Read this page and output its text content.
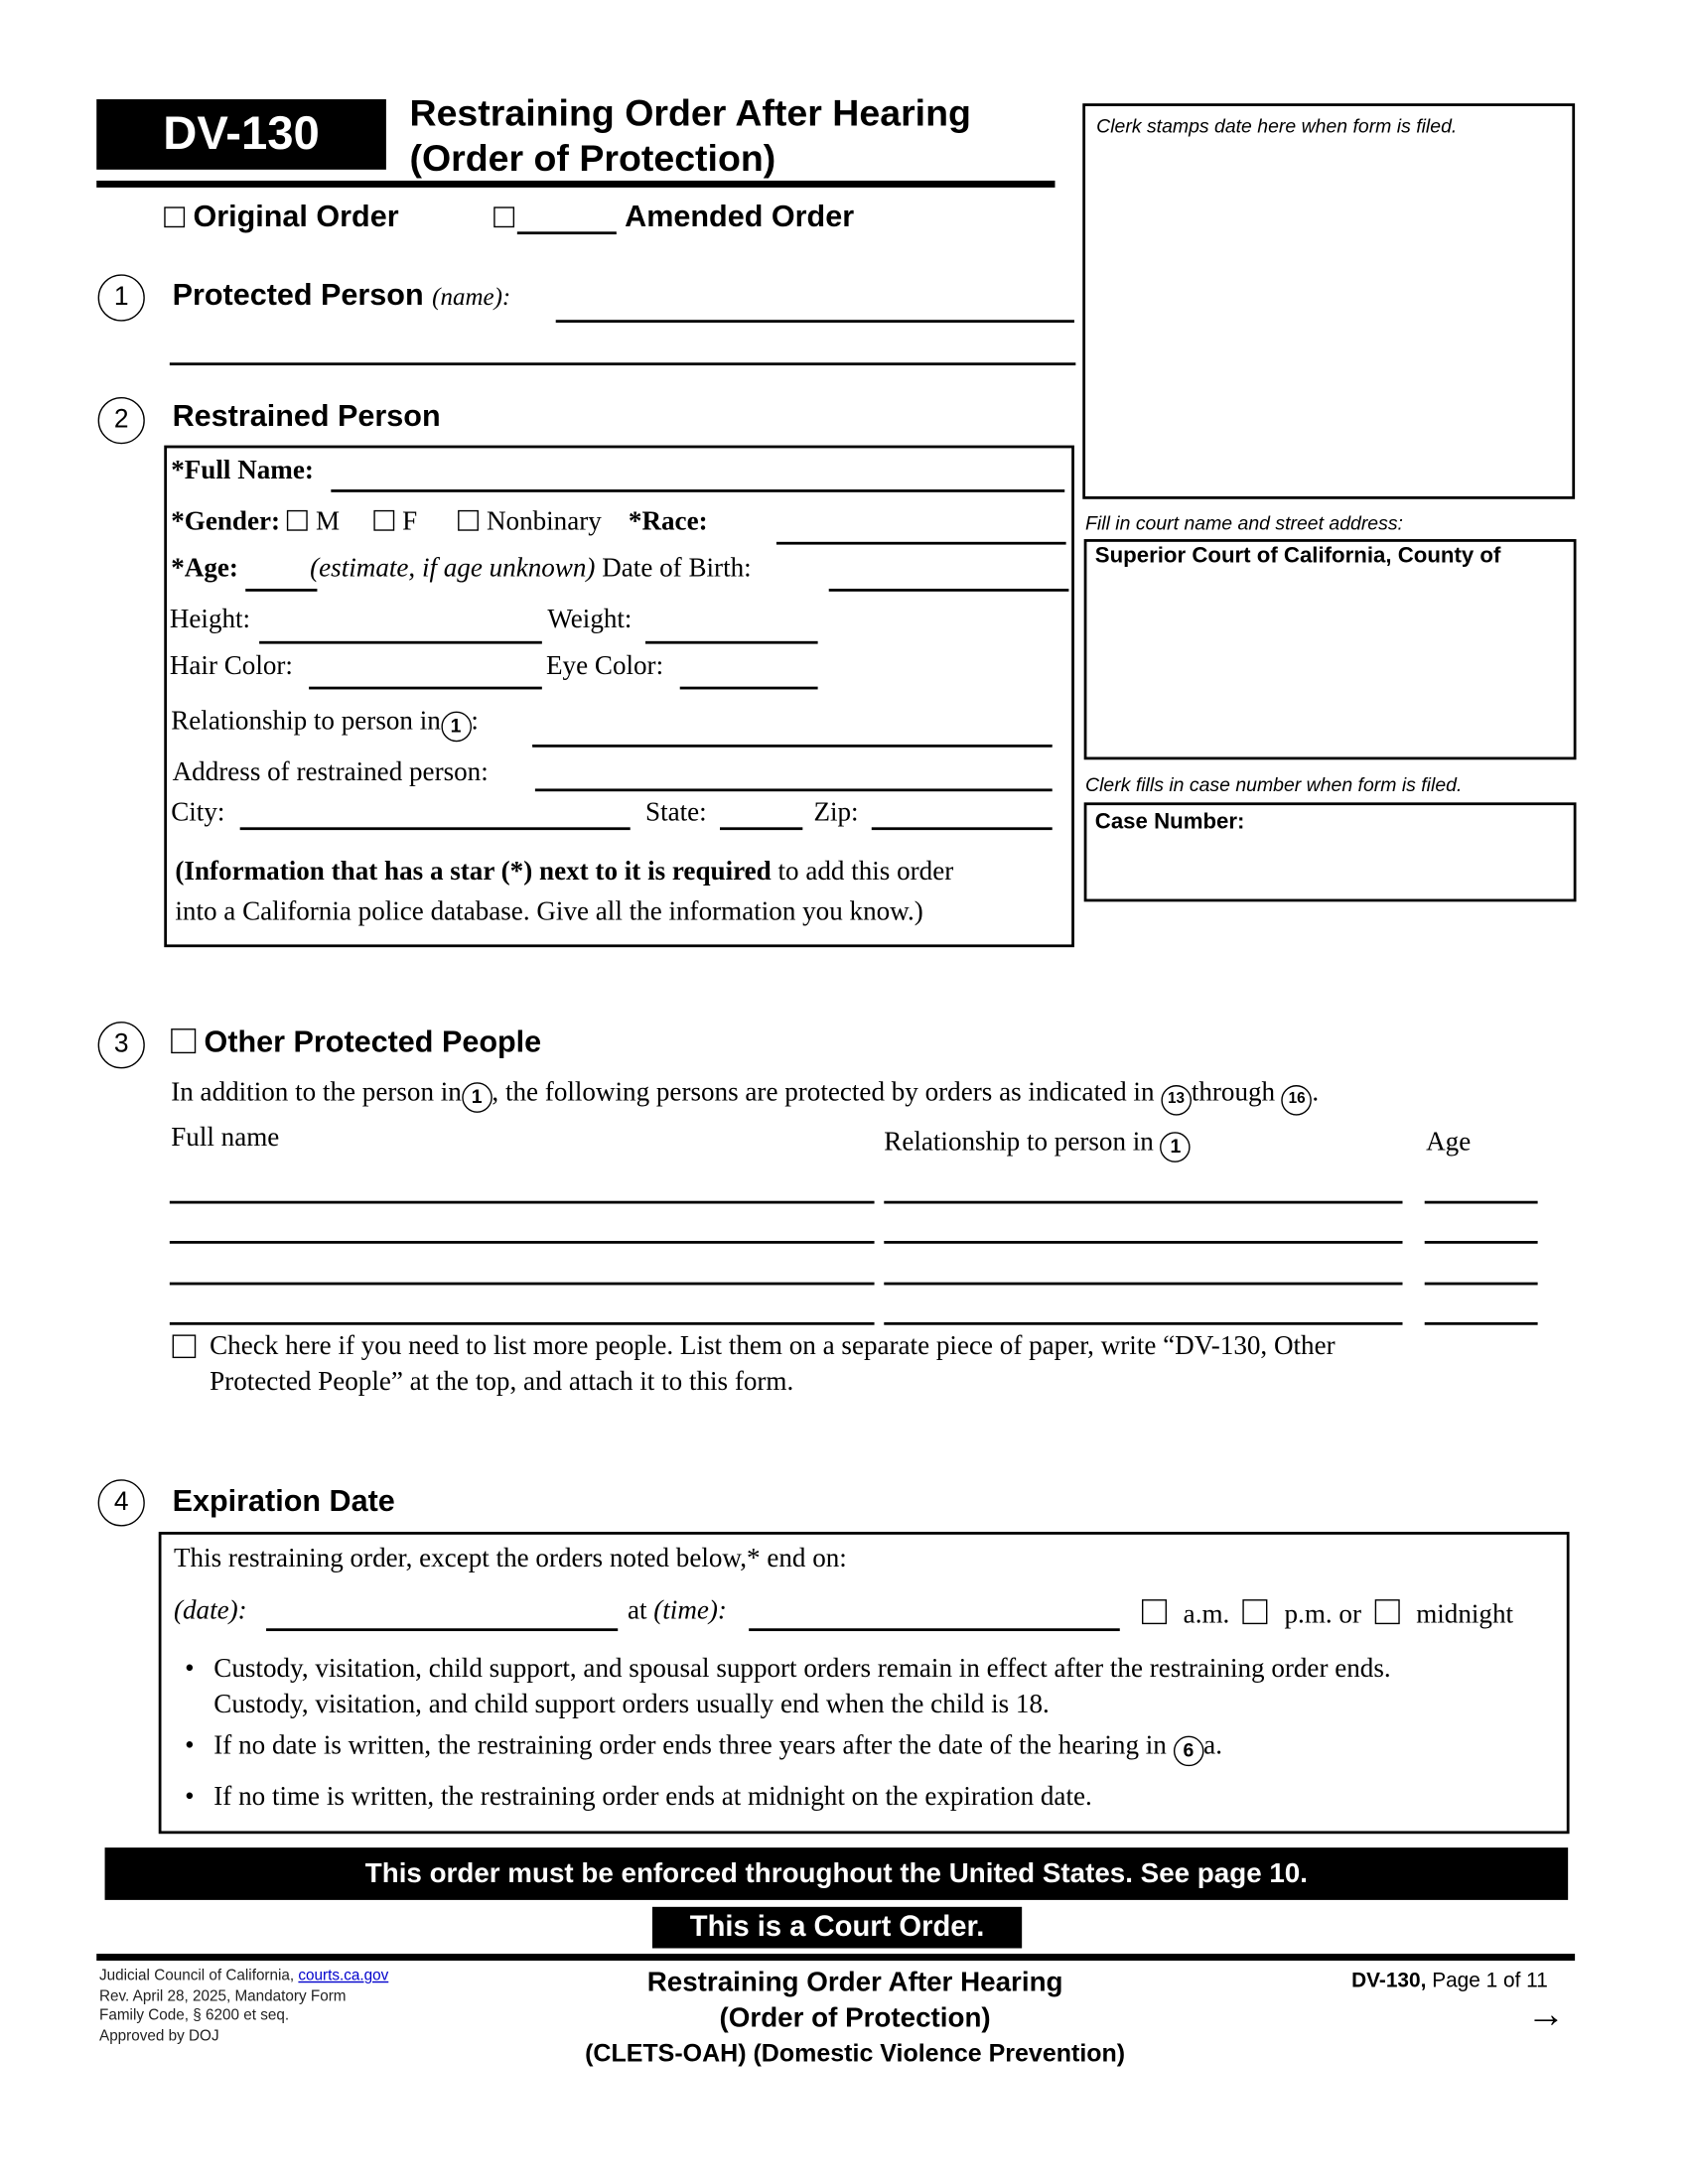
DV-130	Restraining Order After Hearing
(Order of Protection)
Original Order	Amended Order
Clerk stamps date here when form is filed.
Fill in court name and street address:
Superior Court of California, County of
Clerk fills in case number when form is filed.
Case Number:
1	Protected Person (name):
2	Restrained Person
*Full Name:
*Gender: M	F	Nonbinary *Race:
*Age:	(estimate, if age unknown) Date of Birth:
Height:	Weight:
Hair Color:	Eye Color:
Relationship to person in 1 :
Address of restrained person:
City:	State:	Zip:
(Information that has a star (*) next to it is required to add this order
into a California police database. Give all the information you know.)
3	Other Protected People
In addition to the person in 1 , the following persons are protected by orders as indicated in 13 through 16 .
Full name	Relationship to person in 1	Age
Check here if you need to list more people. List them on a separate piece of paper, write “DV-130, Other
Protected People” at the top, and attach it to this form.
4	Expiration Date
This restraining order, except the orders noted below,* end on:
(date):	at (time):	a.m.	p.m. or	midnight
• Custody, visitation, child support, and spousal support orders remain in effect after the restraining order ends.
Custody, visitation, and child support orders usually end when the child is 18.
• If no date is written, the restraining order ends three years after the date of the hearing in 6 a.
• If no time is written, the restraining order ends at midnight on the expiration date.
This order must be enforced throughout the United States. See page 10.
This is a Court Order.
Judicial Council of California, courts.ca.gov
Rev. April 28, 2025, Mandatory Form
Family Code, § 6200 et seq.
Approved by DOJ
Restraining Order After Hearing
(Order of Protection)
(CLETS-OAH) (Domestic Violence Prevention)
DV-130, Page 1 of 11
→
